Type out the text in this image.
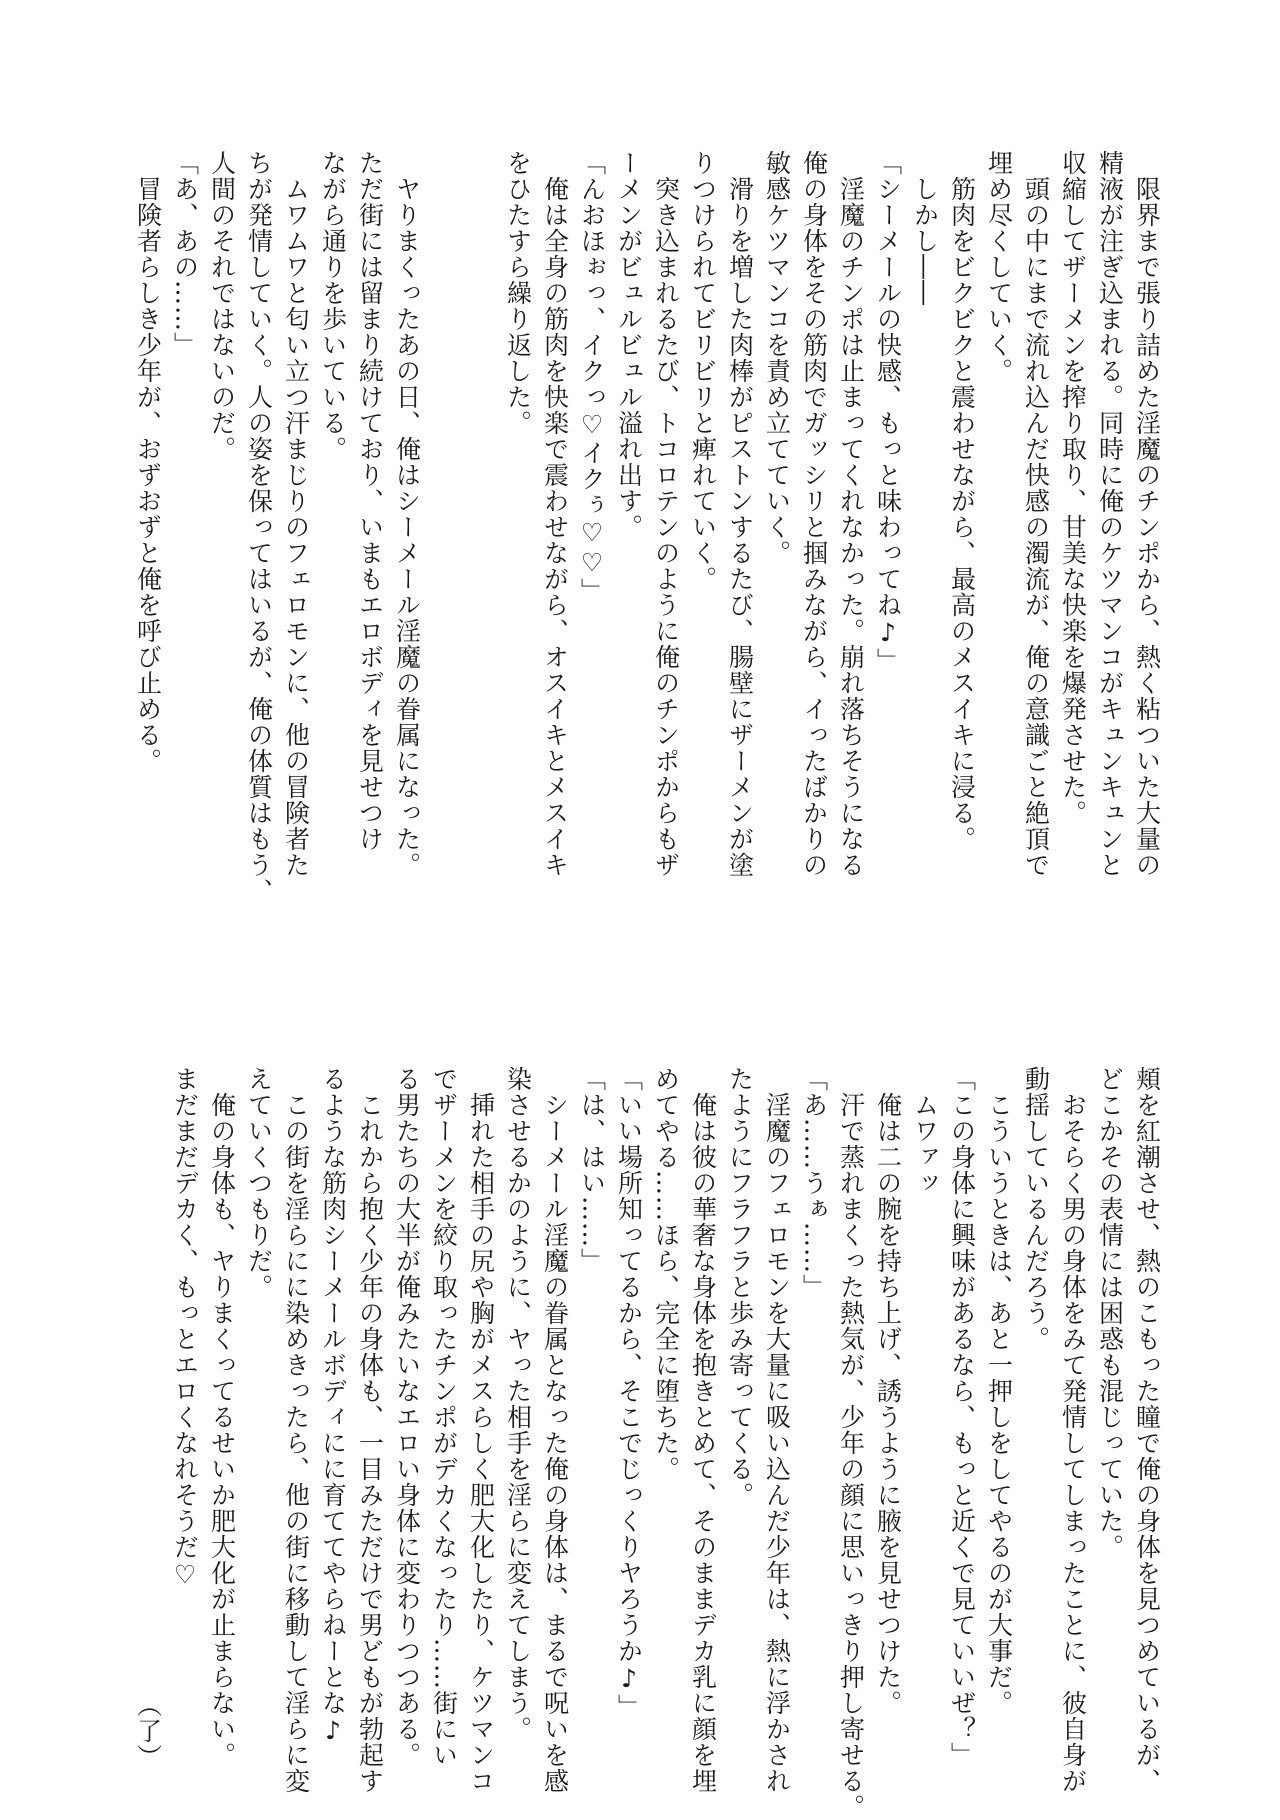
限界まで張り詰めた淫魔のチンポから、熱く粘ついた大量の
精液が注ぎ込まれる。同時に俺のケツマンコがキュンキュンと
収縮してザーメンを搾り取り、甘美な快楽を爆発させた。
頭の中にまで流れ込んだ快感の濁流が、俺の意識ごと絶頂で
埋め尽くしていく。
筋肉をビクビクと震わせながら、最高のメスイキに浸る。
しかし――
「シーメールの快感、もっと味わってね♪」
淫魔のチンポは止まってくれなかった。崩れ落ちそうになる
俺の身体をその筋肉でガッシリと掴みながら、イったばかりの
敏感ケツマンコを責め立てていく。
滑りを増した肉棒がピストンするたび、腸壁にザーメンが塗
りつけられてビリビリと痺れていく。
突き込まれるたび、トコロテンのように俺のチンポからもザ
ーメンがビュルビュル溢れ出す。
「んおほぉっ、イクっ♡イクぅ♡♡」
俺は全身の筋肉を快楽で震わせながら、オスイキとメスイキ
をひたすら繰り返した。
ヤりまくったあの日、俺はシーメール淫魔の眷属になった。
ただ街には留まり続けており、いまもエロボディを見せつけ
ながら通りを歩いている。
ムワムワと匂い立つ汗まじりのフェロモンに、他の冒険者た
ちが発情していく。人の姿を保ってはいるが、俺の体質はもう、
人間のそれではないのだ。
「あ、あの……」
冒険者らしき少年が、おずおずと俺を呼び止める。
頬を紅潮させ、熱のこもった瞳で俺の身体を見つめているが、
どこかその表情には困惑も混じっていた。
おそらく男の身体をみて発情してしまったことに、彼自身が
動揺しているんだろう。
こういうときは、あと一押しをしてやるのが大事だ。
「この身体に興味があるなら、もっと近くで見ていいぜ？」
ムワァッ
俺は二の腕を持ち上げ、誘うように腋を見せつけた。
汗で蒸れまくった熱気が、少年の顔に思いっきり押し寄せる。
「あ……うぁ……」
淫魔のフェロモンを大量に吸い込んだ少年は、熱に浮かされ
たようにフラフラと歩み寄ってくる。
俺は彼の華奢な身体を抱きとめて、そのままデカ乳に顔を埋
めてやる……ほら、完全に堕ちた。
「いい場所知ってるから、そこでじっくりヤろうか♪」
「は、はい……」
シーメール淫魔の眷属となった俺の身体は、まるで呪いを感
染させるかのように、ヤった相手を淫らに変えてしまう。
挿れた相手の尻や胸がメスらしく肥大化したり、ケツマンコ
でザーメンを絞り取ったチンポがデカくなったり……街にい
る男たちの大半が俺みたいなエロい身体に変わりつつある。
これから抱く少年の身体も、一目みただけで男どもが勃起す
るような筋肉シーメールボディにに育ててやらねーとな♪
この街を淫らにに染めきったら、他の街に移動して淫らに変
えていくつもりだ。
俺の身体も、ヤりまくってるせいか肥大化が止まらない。
まだまだデカく、もっとエロくなれそうだ♡
（了）
